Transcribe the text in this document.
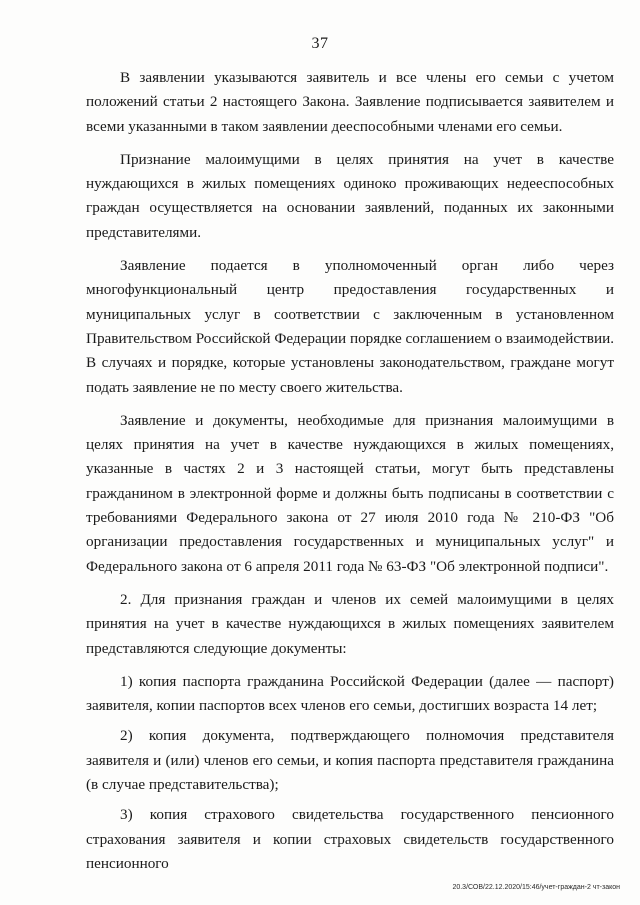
37

В заявлении указываются заявитель и все члены его семьи с учетом положений статьи 2 настоящего Закона. Заявление подписывается заявителем и всеми указанными в таком заявлении дееспособными членами его семьи.

Признание малоимущими в целях принятия на учет в качестве нуждающихся в жилых помещениях одиноко проживающих недееспособных граждан осуществляется на основании заявлений, поданных их законными представителями.

Заявление подается в уполномоченный орган либо через многофункциональный центр предоставления государственных и муниципальных услуг в соответствии с заключенным в установленном Правительством Российской Федерации порядке соглашением о взаимодействии. В случаях и порядке, которые установлены законодательством, граждане могут подать заявление не по месту своего жительства.

Заявление и документы, необходимые для признания малоимущими в целях принятия на учет в качестве нуждающихся в жилых помещениях, указанные в частях 2 и 3 настоящей статьи, могут быть представлены гражданином в электронной форме и должны быть подписаны в соответствии с требованиями Федерального закона от 27 июля 2010 года № 210-ФЗ "Об организации предоставления государственных и муниципальных услуг" и Федерального закона от 6 апреля 2011 года № 63-ФЗ "Об электронной подписи".

2. Для признания граждан и членов их семей малоимущими в целях принятия на учет в качестве нуждающихся в жилых помещениях заявителем представляются следующие документы:

1) копия паспорта гражданина Российской Федерации (далее — паспорт) заявителя, копии паспортов всех членов его семьи, достигших возраста 14 лет;

2) копия документа, подтверждающего полномочия представителя заявителя и (или) членов его семьи, и копия паспорта представителя гражданина (в случае представительства);

3) копия страхового свидетельства государственного пенсионного страхования заявителя и копии страховых свидетельств государственного пенсионного

20.3/СОВ/22.12.2020/15:46/учет-граждан-2 чт-закон
